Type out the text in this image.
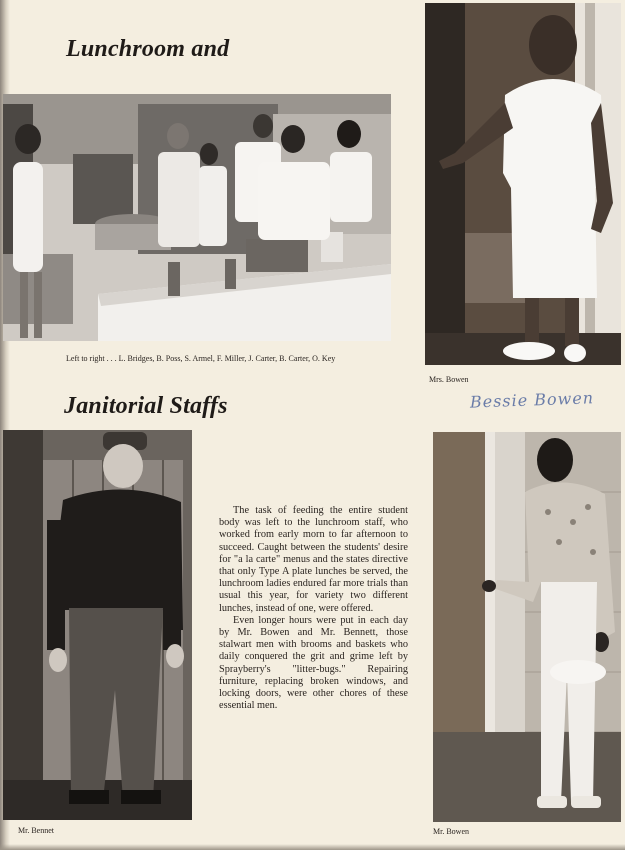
Lunchroom and
Janitorial Staffs
Left to right . . . L. Bridges, B. Poss, S. Armel, F. Miller, J. Carter, B. Carter, O. Key
Mrs. Bowen
Bessie Bowen
Mr. Bennet

The task of feeding the entire student body was left to the lunchroom staff, who worked from early morn to far afternoon to succeed. Caught between the students' desire for "a la carte" menus and the states directive that only Type A plate lunches be served, the lunchroom ladies endured far more trials than usual this year, for variety two different lunches, instead of one, were offered.

Even longer hours were put in each day by Mr. Bowen and Mr. Bennett, those stalwart men with brooms and baskets who daily conquered the grit and grime left by Sprayberry's "litter-bugs." Repairing furniture, replacing broken windows, and locking doors, were other chores of these essential men.

Mr. Bowen
